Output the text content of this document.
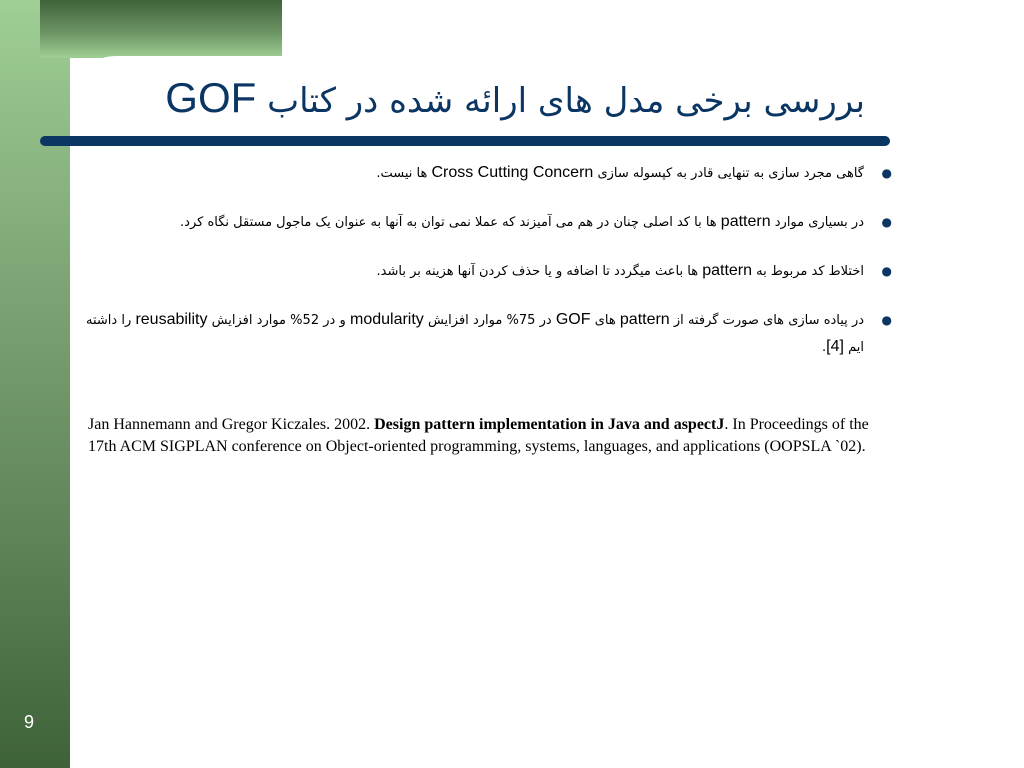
بررسی برخی مدل های ارائه شده در کتاب GOF
●
گاهی مجرد سازی به تنهایی قادر به کپسوله سازی Cross Cutting Concern ها نیست.
●
در بسیاری موارد pattern ها با کد اصلی چنان در هم می آمیزند که عملا نمی توان به آنها به عنوان یک ماجول مستقل نگاه کرد.
●
اختلاط کد مربوط به pattern ها باعث میگردد تا اضافه و یا حذف کردن آنها هزینه بر باشد.
●
در پیاده سازی های صورت گرفته از pattern های GOF در 75% موارد افزایش modularity و در 52% موارد افزایش reusability را داشته ایم [4].

Jan Hannemann and Gregor Kiczales. 2002. Design pattern implementation in Java and aspectJ. In Proceedings of the 17th ACM SIGPLAN conference on Object-oriented programming, systems, languages, and applications (OOPSLA `02).

9
